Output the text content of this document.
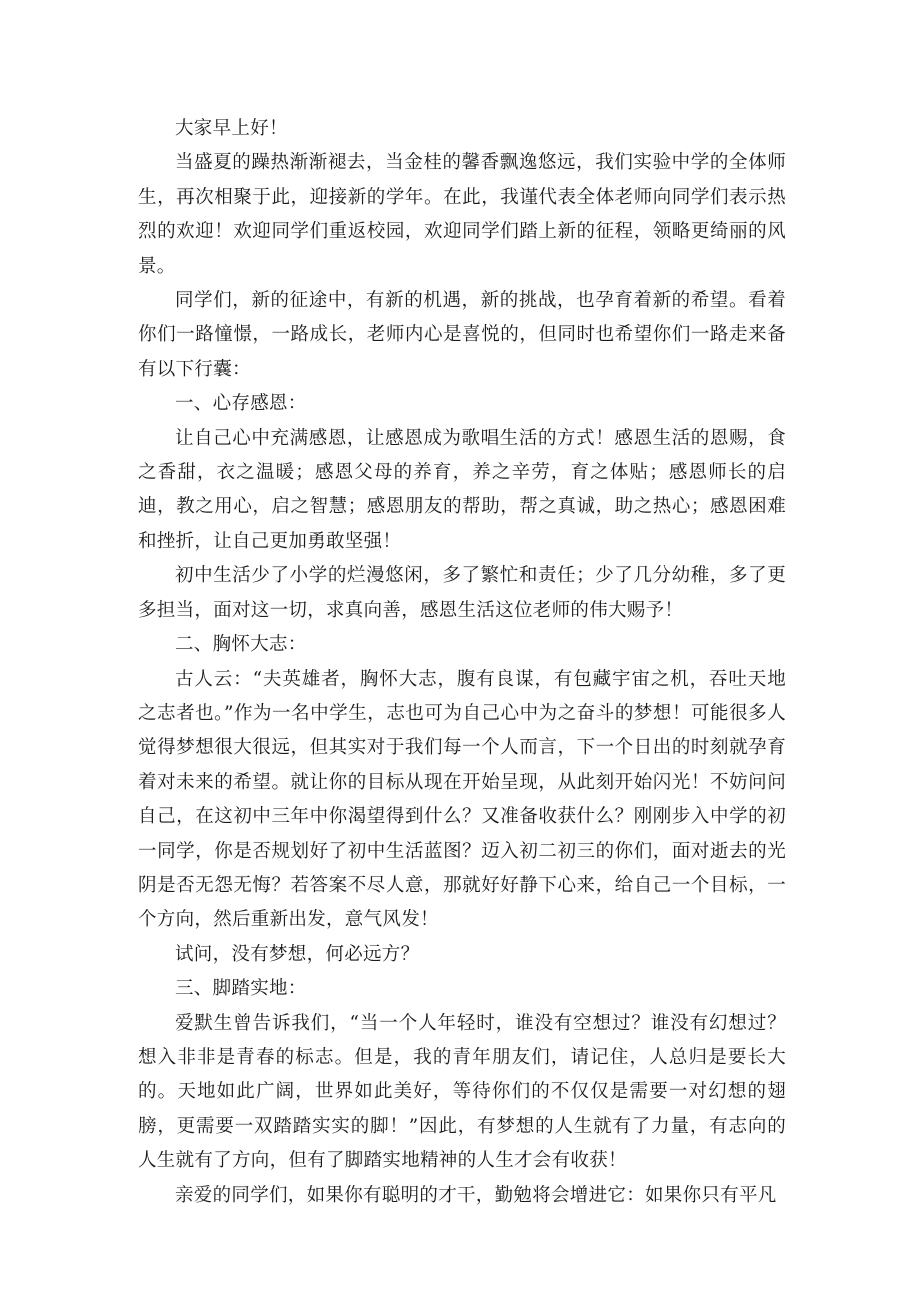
大家早上好！

当盛夏的躁热渐渐褪去，当金桂的馨香飘逸悠远，我们实验中学的全体师生，再次相聚于此，迎接新的学年。在此，我谨代表全体老师向同学们表示热烈的欢迎！欢迎同学们重返校园，欢迎同学们踏上新的征程，领略更绮丽的风景。

同学们，新的征途中，有新的机遇，新的挑战，也孕育着新的希望。看着你们一路憧憬，一路成长，老师内心是喜悦的，但同时也希望你们一路走来备有以下行囊：

一、心存感恩：

让自己心中充满感恩，让感恩成为歌唱生活的方式！感恩生活的恩赐，食之香甜，衣之温暖；感恩父母的养育，养之辛劳，育之体贴；感恩师长的启迪，教之用心，启之智慧；感恩朋友的帮助，帮之真诚，助之热心；感恩困难和挫折，让自己更加勇敢坚强！

初中生活少了小学的烂漫悠闲，多了繁忙和责任；少了几分幼稚，多了更多担当，面对这一切，求真向善，感恩生活这位老师的伟大赐予！

二、胸怀大志：

古人云：“夫英雄者，胸怀大志，腹有良谋，有包藏宇宙之机，吞吐天地之志者也。”作为一名中学生，志也可为自己心中为之奋斗的梦想！可能很多人觉得梦想很大很远，但其实对于我们每一个人而言，下一个日出的时刻就孕育着对未来的希望。就让你的目标从现在开始呈现，从此刻开始闪光！不妨问问自己，在这初中三年中你渴望得到什么？又准备收获什么？刚刚步入中学的初一同学，你是否规划好了初中生活蓝图？迈入初二初三的你们，面对逝去的光阴是否无怨无悔？若答案不尽人意，那就好好静下心来，给自己一个目标，一个方向，然后重新出发，意气风发！

试问，没有梦想，何必远方？

三、脚踏实地：

爱默生曾告诉我们，“当一个人年轻时，谁没有空想过？谁没有幻想过？想入非非是青春的标志。但是，我的青年朋友们，请记住，人总归是要长大的。天地如此广阔，世界如此美好，等待你们的不仅仅是需要一对幻想的翅膀，更需要一双踏踏实实的脚！”因此，有梦想的人生就有了力量，有志向的人生就有了方向，但有了脚踏实地精神的人生才会有收获！

亲爱的同学们，如果你有聪明的才干，勤勉将会增进它：如果你只有平凡
